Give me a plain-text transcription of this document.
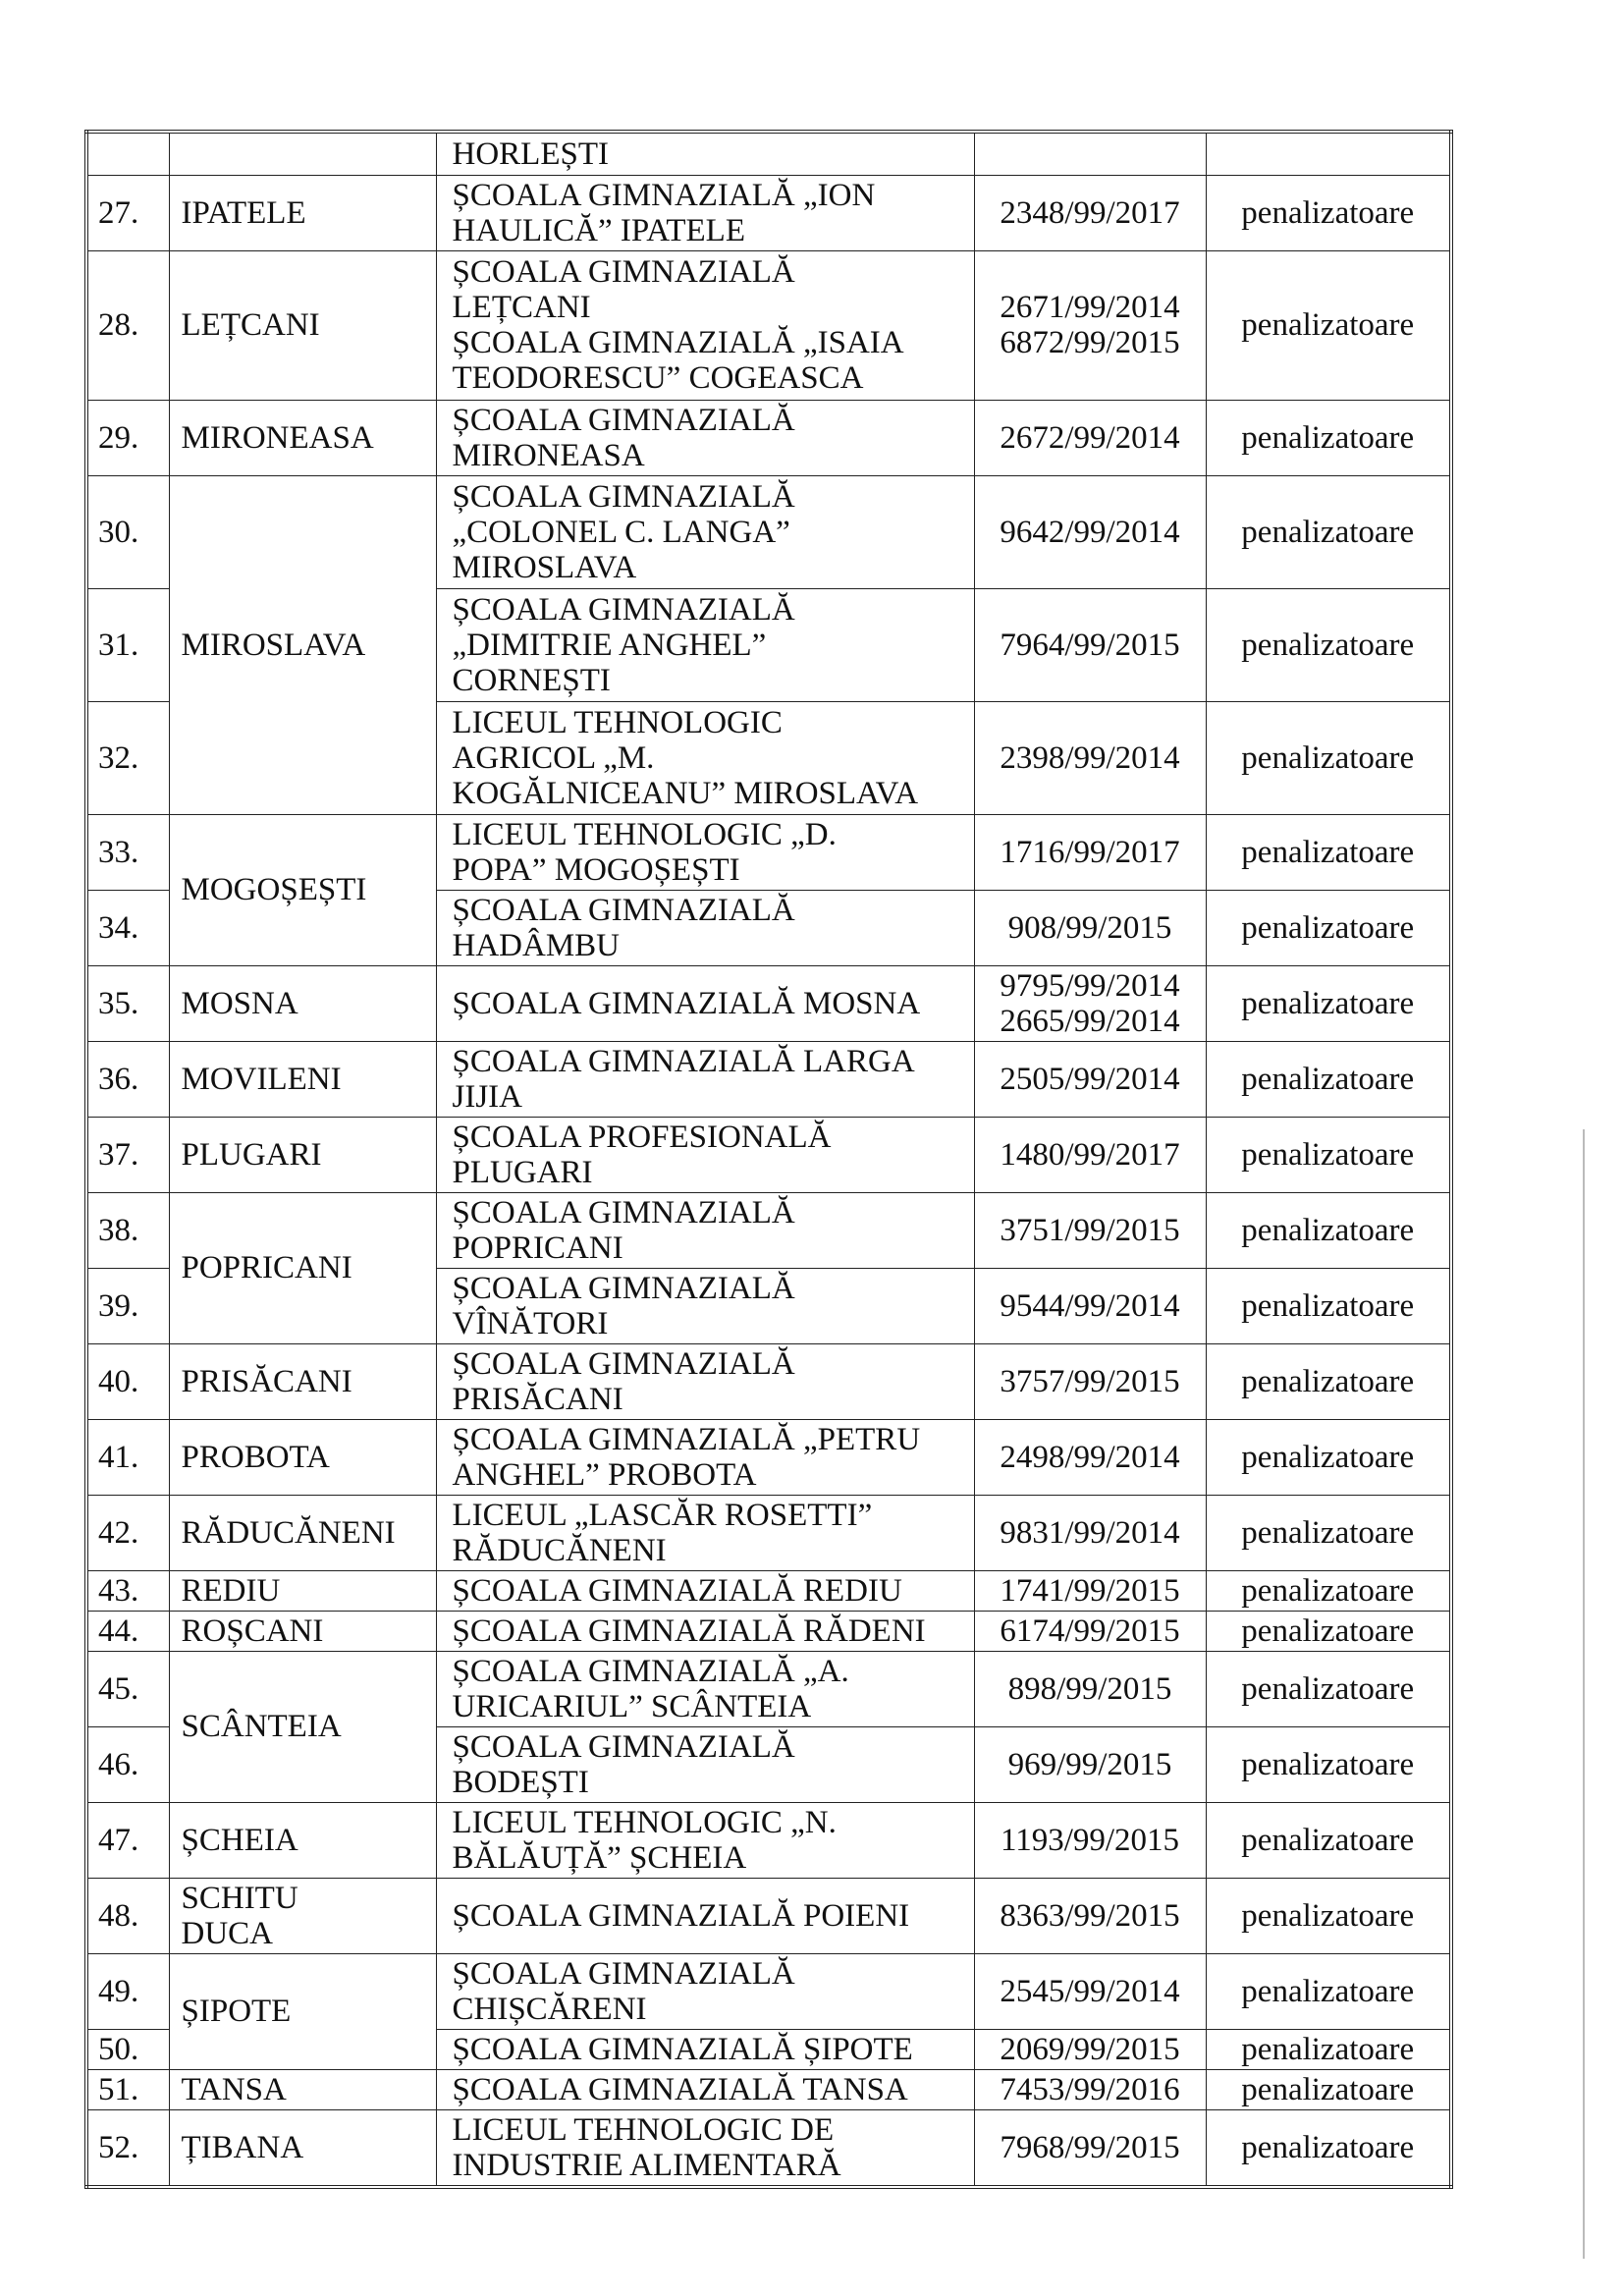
		HORLEȘTI		
27.	IPATELE	ȘCOALA GIMNAZIALĂ „ION
HAULICĂ” IPATELE	2348/99/2017	penalizatoare
28.	LEȚCANI	ȘCOALA GIMNAZIALĂ
LEȚCANI
ȘCOALA GIMNAZIALĂ „ISAIA
TEODORESCU” COGEASCA	2671/99/2014
6872/99/2015	penalizatoare
29.	MIRONEASA	ȘCOALA GIMNAZIALĂ
MIRONEASA	2672/99/2014	penalizatoare
30.	MIROSLAVA	ȘCOALA GIMNAZIALĂ
„COLONEL C. LANGA”
MIROSLAVA	9642/99/2014	penalizatoare
31.		ȘCOALA GIMNAZIALĂ
„DIMITRIE ANGHEL”
CORNEȘTI	7964/99/2015	penalizatoare
32.		LICEUL TEHNOLOGIC
AGRICOL „M.
KOGĂLNICEANU” MIROSLAVA	2398/99/2014	penalizatoare
33.	MOGOȘEȘTI	LICEUL TEHNOLOGIC „D.
POPA” MOGOȘEȘTI	1716/99/2017	penalizatoare
34.		ȘCOALA GIMNAZIALĂ
HADÂMBU	908/99/2015	penalizatoare
35.	MOSNA	ȘCOALA GIMNAZIALĂ MOSNA	9795/99/2014
2665/99/2014	penalizatoare
36.	MOVILENI	ȘCOALA GIMNAZIALĂ LARGA
JIJIA	2505/99/2014	penalizatoare
37.	PLUGARI	ȘCOALA PROFESIONALĂ
PLUGARI	1480/99/2017	penalizatoare
38.	POPRICANI	ȘCOALA GIMNAZIALĂ
POPRICANI	3751/99/2015	penalizatoare
39.		ȘCOALA GIMNAZIALĂ
VÎNĂTORI	9544/99/2014	penalizatoare
40.	PRISĂCANI	ȘCOALA GIMNAZIALĂ
PRISĂCANI	3757/99/2015	penalizatoare
41.	PROBOTA	ȘCOALA GIMNAZIALĂ „PETRU
ANGHEL” PROBOTA	2498/99/2014	penalizatoare
42.	RĂDUCĂNENI	LICEUL „LASCĂR ROSETTI”
RĂDUCĂNENI	9831/99/2014	penalizatoare
43.	REDIU	ȘCOALA GIMNAZIALĂ REDIU	1741/99/2015	penalizatoare
44.	ROȘCANI	ȘCOALA GIMNAZIALĂ RĂDENI	6174/99/2015	penalizatoare
45.	SCÂNTEIA	ȘCOALA GIMNAZIALĂ „A.
URICARIUL” SCÂNTEIA	898/99/2015	penalizatoare
46.		ȘCOALA GIMNAZIALĂ
BODEȘTI	969/99/2015	penalizatoare
47.	ȘCHEIA	LICEUL TEHNOLOGIC „N.
BĂLĂUȚĂ” ȘCHEIA	1193/99/2015	penalizatoare
48.	SCHITU
DUCA	ȘCOALA GIMNAZIALĂ POIENI	8363/99/2015	penalizatoare
49.	ȘIPOTE	ȘCOALA GIMNAZIALĂ
CHIȘCĂRENI	2545/99/2014	penalizatoare
50.		ȘCOALA GIMNAZIALĂ ȘIPOTE	2069/99/2015	penalizatoare
51.	TANSA	ȘCOALA GIMNAZIALĂ TANSA	7453/99/2016	penalizatoare
52.	ȚIBANA	LICEUL TEHNOLOGIC DE
INDUSTRIE ALIMENTARĂ	7968/99/2015	penalizatoare
